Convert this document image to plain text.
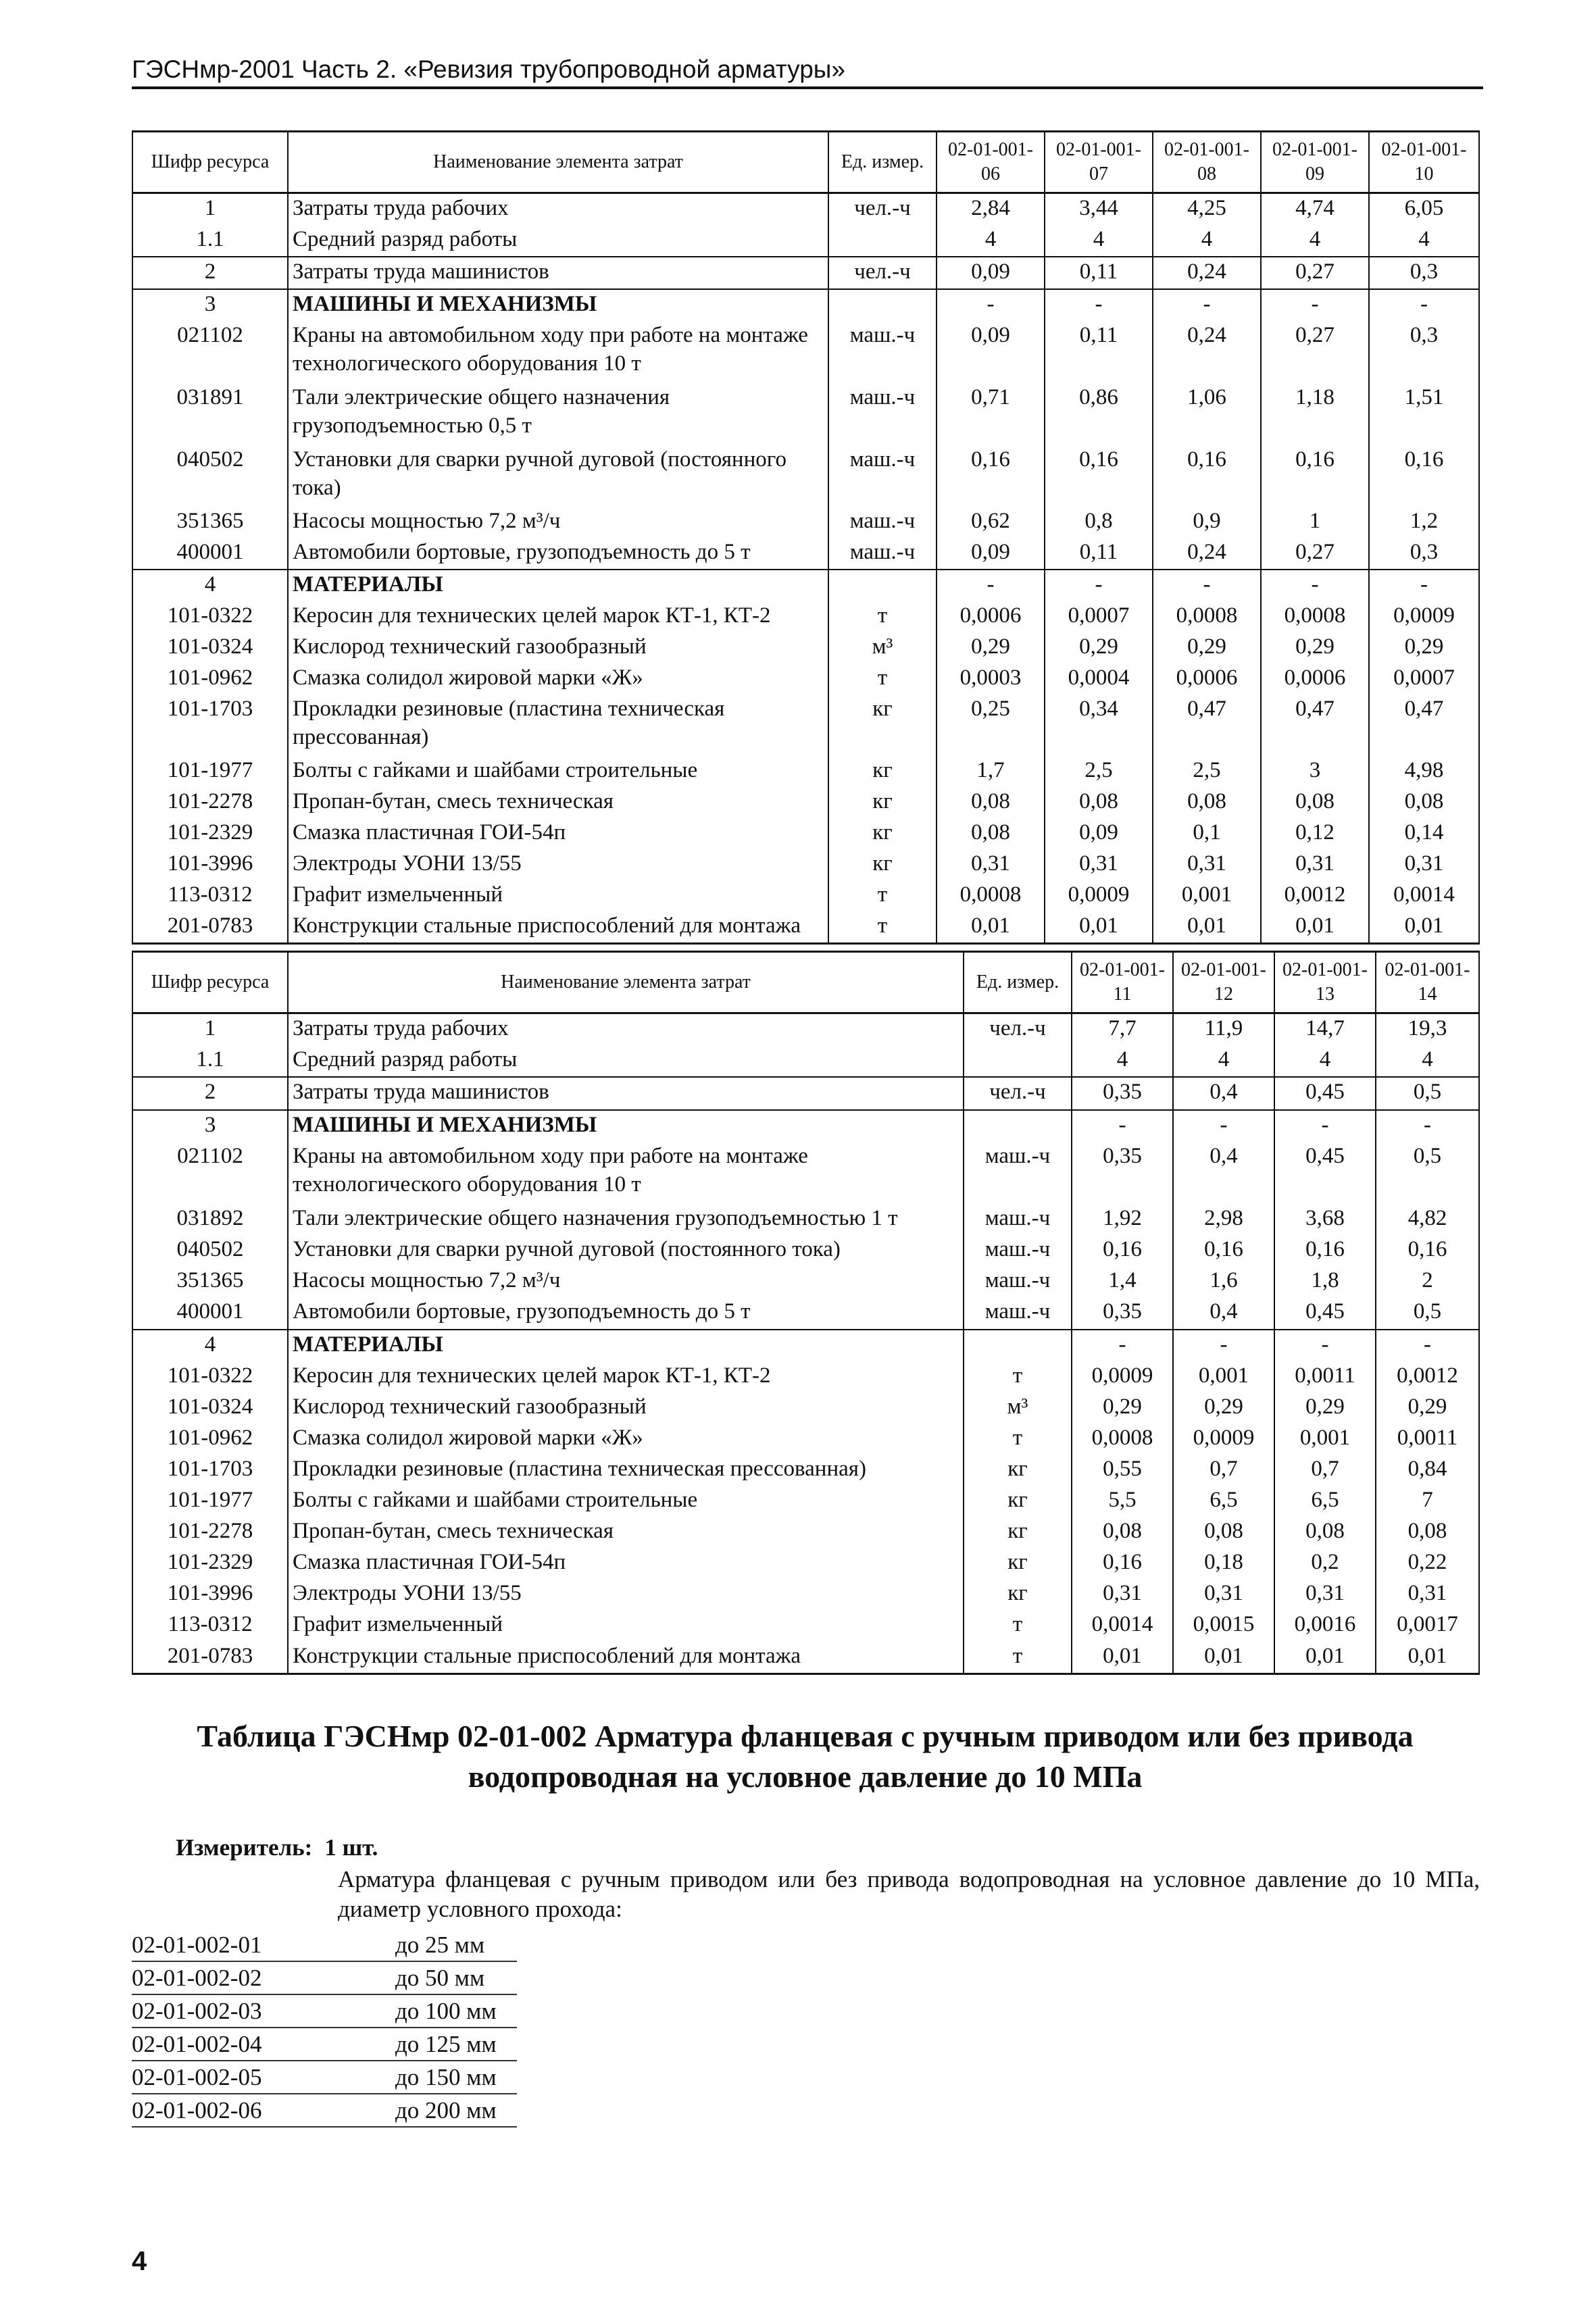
ГЭСНмр-2001 Часть 2. «Ревизия трубопроводной арматуры»
Шифр ресурса	Наименование элемента затрат	Ед. измер.	02-01-001-06	02-01-001-07	02-01-001-08	02-01-001-09	02-01-001-10
1	Затраты труда рабочих	чел.-ч	2,84	3,44	4,25	4,74	6,05
1.1	Средний разряд работы		4	4	4	4	4
2	Затраты труда машинистов	чел.-ч	0,09	0,11	0,24	0,27	0,3
3	МАШИНЫ И МЕХАНИЗМЫ		-	-	-	-	-
021102	Краны на автомобильном ходу при работе на монтаже технологического оборудования 10 т	маш.-ч	0,09	0,11	0,24	0,27	0,3
031891	Тали электрические общего назначения грузоподъемностью 0,5 т	маш.-ч	0,71	0,86	1,06	1,18	1,51
040502	Установки для сварки ручной дуговой (постоянного тока)	маш.-ч	0,16	0,16	0,16	0,16	0,16
351365	Насосы мощностью 7,2 м³/ч	маш.-ч	0,62	0,8	0,9	1	1,2
400001	Автомобили бортовые, грузоподъемность до 5 т	маш.-ч	0,09	0,11	0,24	0,27	0,3
4	МАТЕРИАЛЫ		-	-	-	-	-
101-0322	Керосин для технических целей марок КТ-1, КТ-2	т	0,0006	0,0007	0,0008	0,0008	0,0009
101-0324	Кислород технический газообразный	м³	0,29	0,29	0,29	0,29	0,29
101-0962	Смазка солидол жировой марки «Ж»	т	0,0003	0,0004	0,0006	0,0006	0,0007
101-1703	Прокладки резиновые (пластина техническая прессованная)	кг	0,25	0,34	0,47	0,47	0,47
101-1977	Болты с гайками и шайбами строительные	кг	1,7	2,5	2,5	3	4,98
101-2278	Пропан-бутан, смесь техническая	кг	0,08	0,08	0,08	0,08	0,08
101-2329	Смазка пластичная ГОИ-54п	кг	0,08	0,09	0,1	0,12	0,14
101-3996	Электроды УОНИ 13/55	кг	0,31	0,31	0,31	0,31	0,31
113-0312	Графит измельченный	т	0,0008	0,0009	0,001	0,0012	0,0014
201-0783	Конструкции стальные приспособлений для монтажа	т	0,01	0,01	0,01	0,01	0,01
Шифр ресурса	Наименование элемента затрат	Ед. измер.	02-01-001-11	02-01-001-12	02-01-001-13	02-01-001-14
1	Затраты труда рабочих	чел.-ч	7,7	11,9	14,7	19,3
1.1	Средний разряд работы		4	4	4	4
2	Затраты труда машинистов	чел.-ч	0,35	0,4	0,45	0,5
3	МАШИНЫ И МЕХАНИЗМЫ		-	-	-	-
021102	Краны на автомобильном ходу при работе на монтаже технологического оборудования 10 т	маш.-ч	0,35	0,4	0,45	0,5
031892	Тали электрические общего назначения грузоподъемностью 1 т	маш.-ч	1,92	2,98	3,68	4,82
040502	Установки для сварки ручной дуговой (постоянного тока)	маш.-ч	0,16	0,16	0,16	0,16
351365	Насосы мощностью 7,2 м³/ч	маш.-ч	1,4	1,6	1,8	2
400001	Автомобили бортовые, грузоподъемность до 5 т	маш.-ч	0,35	0,4	0,45	0,5
4	МАТЕРИАЛЫ		-	-	-	-
101-0322	Керосин для технических целей марок КТ-1, КТ-2	т	0,0009	0,001	0,0011	0,0012
101-0324	Кислород технический газообразный	м³	0,29	0,29	0,29	0,29
101-0962	Смазка солидол жировой марки «Ж»	т	0,0008	0,0009	0,001	0,0011
101-1703	Прокладки резиновые (пластина техническая прессованная)	кг	0,55	0,7	0,7	0,84
101-1977	Болты с гайками и шайбами строительные	кг	5,5	6,5	6,5	7
101-2278	Пропан-бутан, смесь техническая	кг	0,08	0,08	0,08	0,08
101-2329	Смазка пластичная ГОИ-54п	кг	0,16	0,18	0,2	0,22
101-3996	Электроды УОНИ 13/55	кг	0,31	0,31	0,31	0,31
113-0312	Графит измельченный	т	0,0014	0,0015	0,0016	0,0017
201-0783	Конструкции стальные приспособлений для монтажа	т	0,01	0,01	0,01	0,01
Таблица ГЭСНмр 02-01-002 Арматура фланцевая с ручным приводом или без привода водопроводная на условное давление до 10 МПа
Измеритель: 1 шт.
Арматура фланцевая с ручным приводом или без привода водопроводная на условное давление до 10 МПа, диаметр условного прохода:
02-01-002-01	до 25 мм
02-01-002-02	до 50 мм
02-01-002-03	до 100 мм
02-01-002-04	до 125 мм
02-01-002-05	до 150 мм
02-01-002-06	до 200 мм
4
